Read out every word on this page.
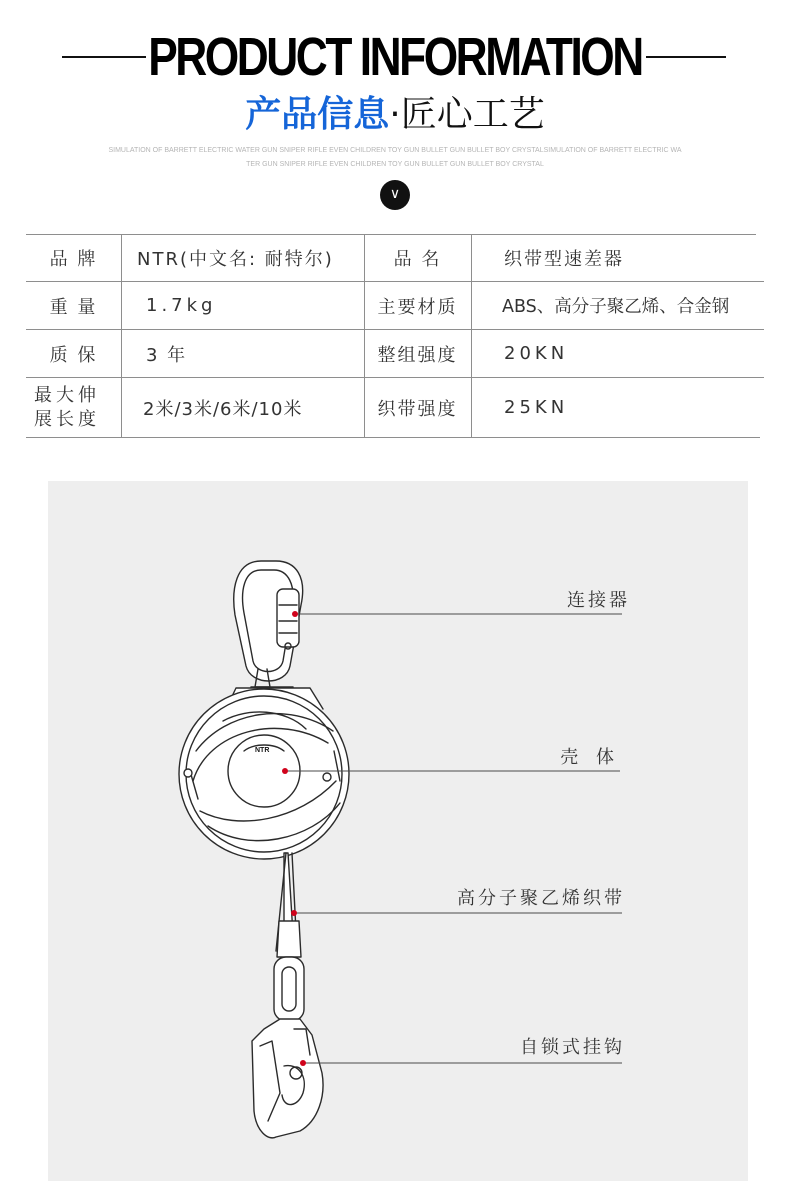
PRODUCT INFORMATION
产品信息·匠心工艺
SIMULATION OF BARRETT ELECTRIC WATER GUN SNIPER RIFLE EVEN CHILDREN TOY GUN BULLET GUN BULLET BOY CRYSTALSIMULATION OF BARRETT ELECTRIC WA
TER GUN SNIPER RIFLE EVEN CHILDREN TOY GUN BULLET GUN BULLET BOY CRYSTAL
∨
品 牌	NTR(中文名: 耐特尔)	品 名	织带型速差器
重 量	1.7kg	主要材质	ABS、高分子聚乙烯、合金钢
质 保	3 年	整组强度	20KN
最大伸展长度	2米/3米/6米/10米	织带强度	25KN
NTR
连接器
壳 体
高分子聚乙烯织带
自锁式挂钩
